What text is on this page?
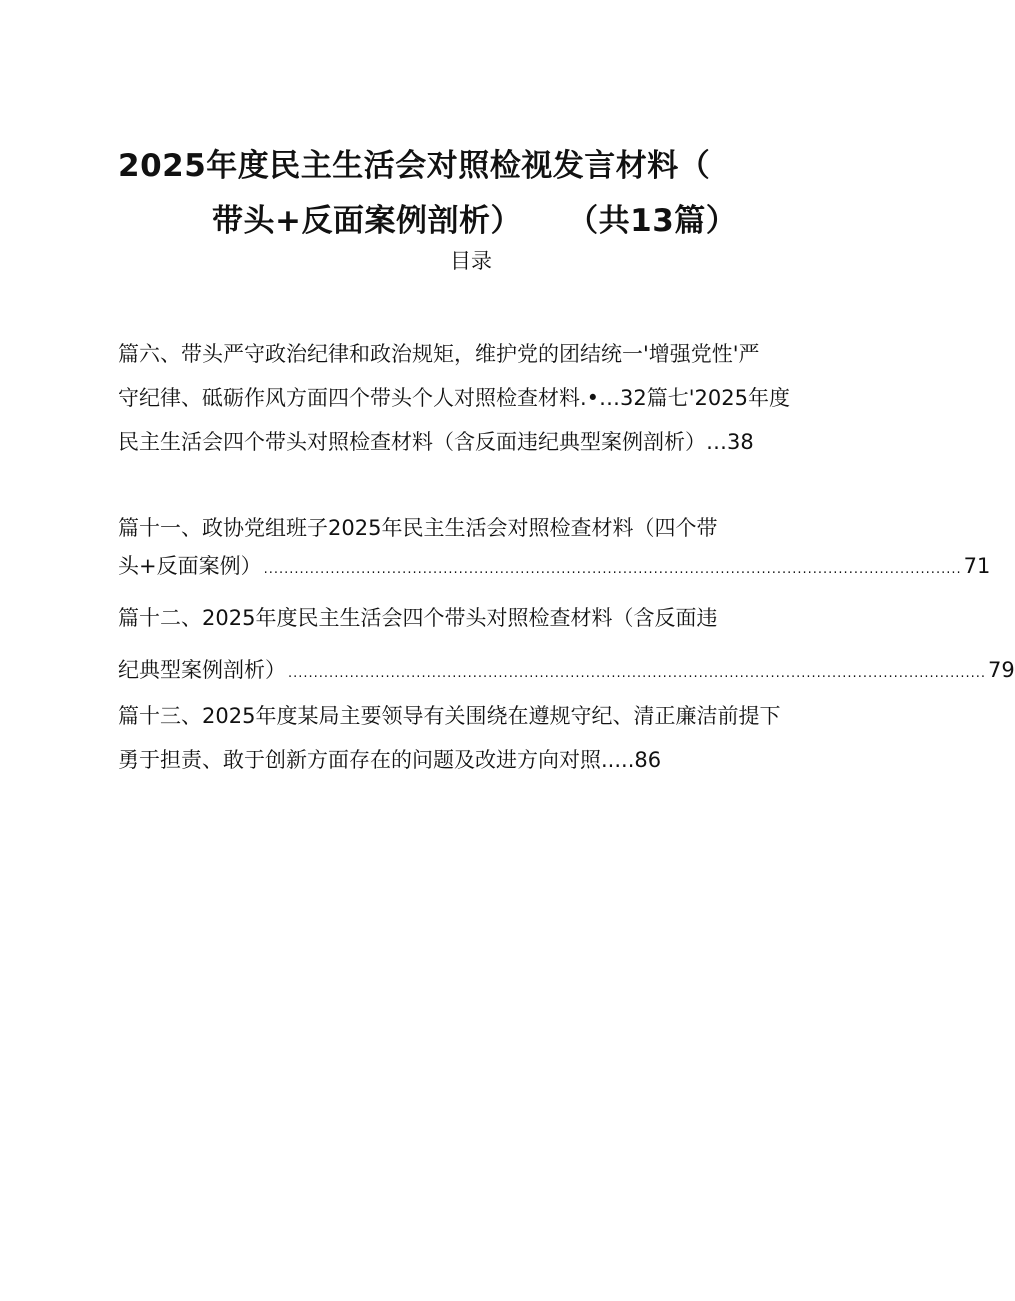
2025年度民主生活会对照检视发言材料（
带头+反面案例剖析）    （共13篇）
目录
篇六、带头严守政治纪律和政治规矩，维护党的团结统一'增强党性'严
守纪律、砥砺作风方面四个带头个人对照检查材料.•…32篇七'2025年度
民主生活会四个带头对照检查材料（含反面违纪典型案例剖析）…38
篇十一、政协党组班子2025年民主生活会对照检查材料（四个带
头+反面案例） ........................................................................................................................................ 71
篇十二、2025年度民主生活会四个带头对照检查材料（含反面违
纪典型案例剖析） ........................................................................................................................................ 79
篇十三、2025年度某局主要领导有关围绕在遵规守纪、清正廉洁前提下
勇于担责、敢于创新方面存在的问题及改进方向对照.....86
